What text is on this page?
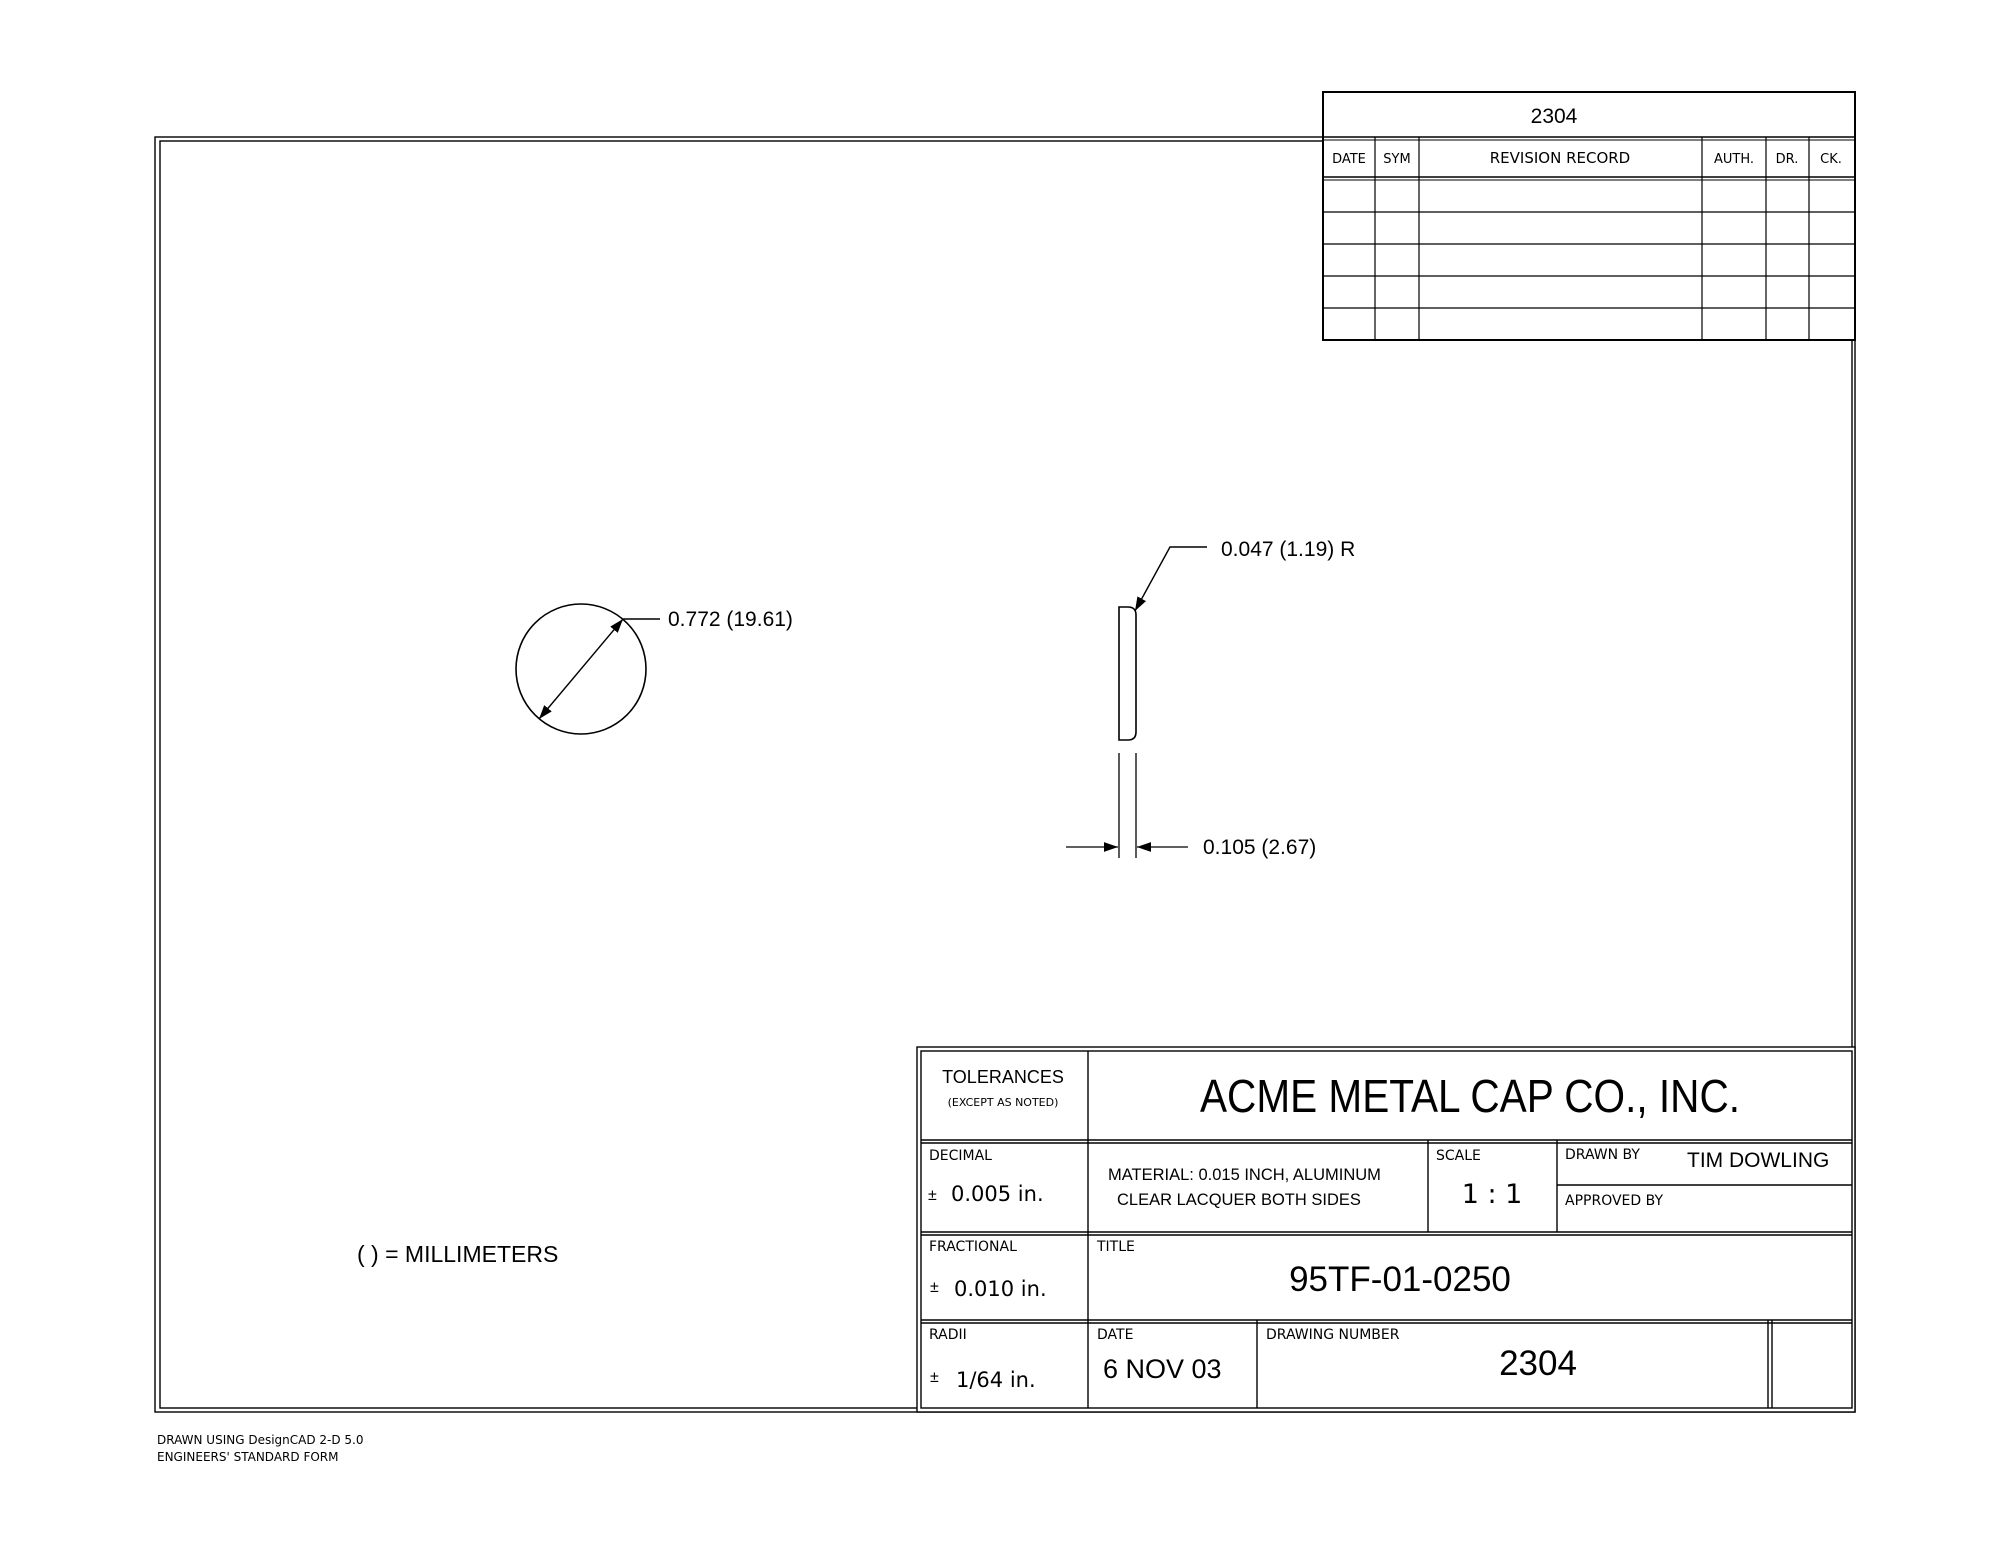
2304
DATE SYM	REVISION RECORD	AUTH. DR. CK.
0.772 (19.61)
0.047 (1.19) R
0.105 (2.67)
( ) = MILLIMETERS
TOLERANCES
(EXCEPT AS NOTED)	ACME METAL CAP CO., INC.
DECIMAL
± 0.005 in.
MATERIAL: 0.015 INCH, ALUMINUM
CLEAR LACQUER BOTH SIDES
SCALE
1 : 1
DRAWN BY TIM DOWLING
APPROVED BY
FRACTIONAL
± 0.010 in.
TITLE
95TF-01-0250
RADII
± 1/64 in.
DATE
6 NOV 03
DRAWING NUMBER
2304
DRAWN USING DesignCAD 2-D 5.0
ENGINEERS' STANDARD FORM
